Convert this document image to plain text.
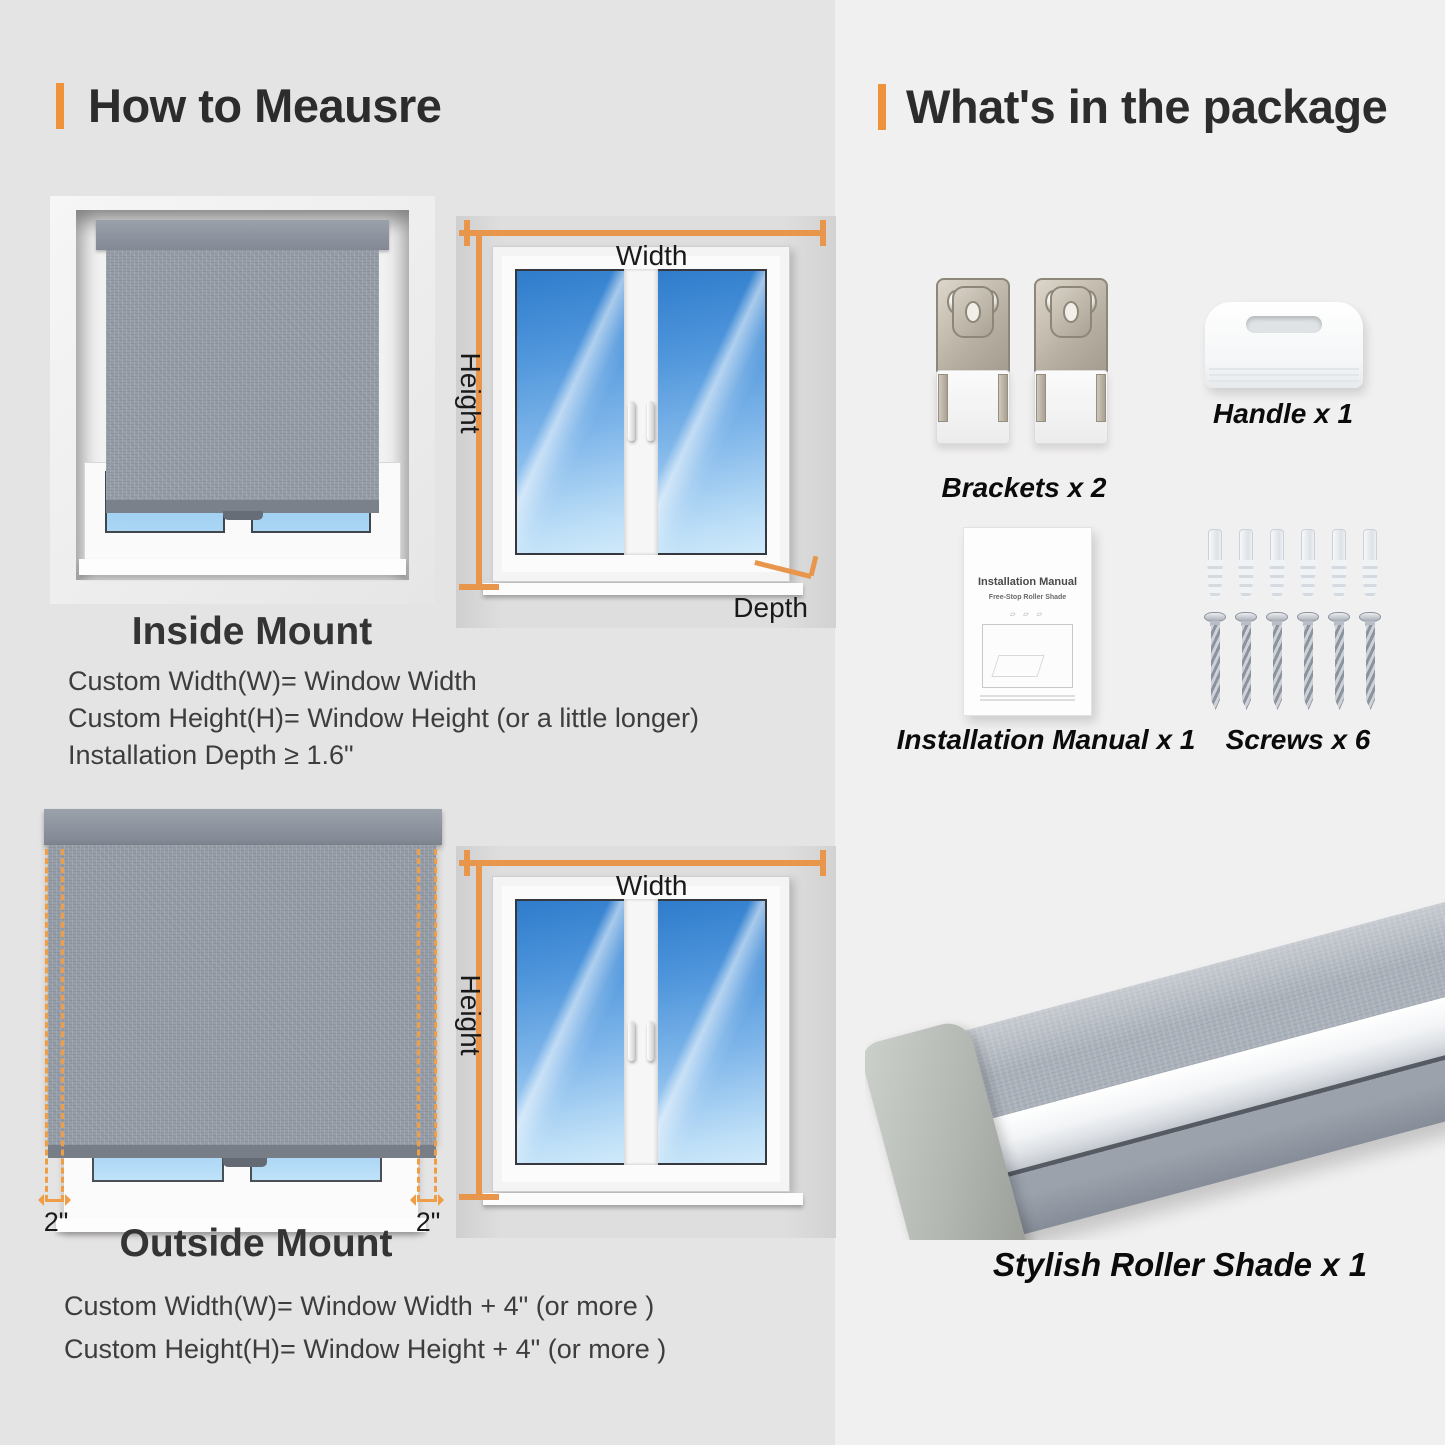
How to Meausre
Width
Height
Depth
Inside Mount
Custom Width(W)= Window Width
Custom Height(H)= Window Height (or a little longer)
Installation Depth ≥ 1.6"
2"	2"
Width
Height
Outside Mount
Custom Width(W)= Window Width + 4" (or more )
Custom Height(H)= Window Height + 4" (or more )
What's in the package
Brackets x 2
Handle x 1
Installation Manual
Free-Stop Roller Shade
▱ ▱ ▱
Installation Manual x 1 Screws x 6
Stylish Roller Shade x 1
